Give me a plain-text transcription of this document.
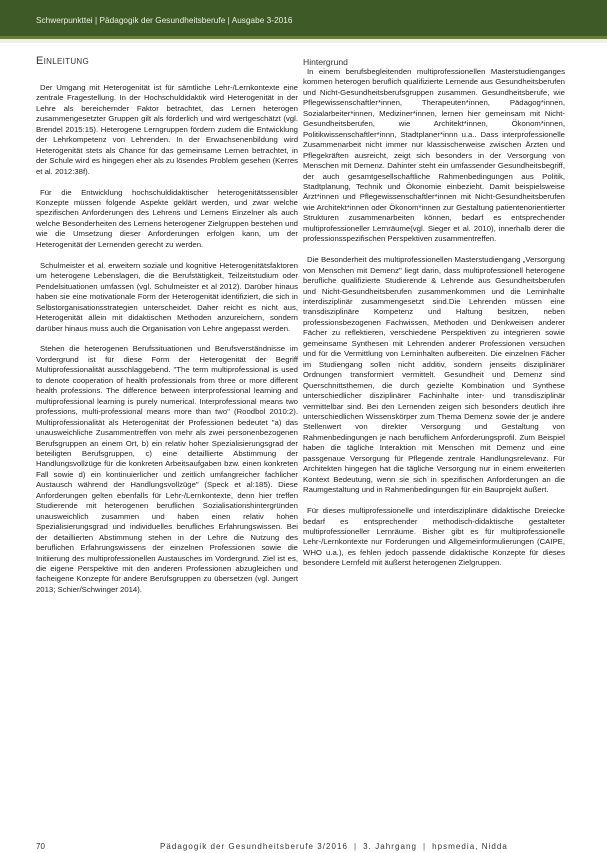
Schwerpunkttei | Pädagogik der Gesundheitsberufe | Ausgabe 3-2016
Einleitung

Der Umgang mit Heterogenität ist für sämtliche Lehr-/Lernkontexte eine zentrale Fragestellung. In der Hochschuldidaktik wird Heterogenität in der Lehre als bereichernder Faktor betrachtet, das Lernen heterogen zusammengesetzter Gruppen gilt als förderlich und wird wertgeschätzt (vgl. Brendel 2015:15). Heterogene Lerngruppen fördern zudem die Entwicklung der Lehrkompetenz von Lehrenden. In der Erwachsenenbildung wird Heterogenität stets als Chance für das gemeinsame Lernen betrachtet, in der Schule wird es hingegen eher als zu lösendes Problem gesehen (Kerres et al. 2012:38f).

Für die Entwicklung hochschuldidaktischer heterogenitätssensibler Konzepte müssen folgende Aspekte geklärt werden, und zwar welche spezifischen Anforderungen des Lehrens und Lernens Einzelner als auch welche Besonderheiten des Lernens heterogener Zielgruppen bestehen und wie die Umsetzung dieser Anforderungen erfolgen kann, um der Heterogenität der Lernenden gerecht zu werden.

Schulmeister et al. erweitern soziale und kognitive Heterogenitätsfaktoren um heterogene Lebenslagen, die die Berufstätigkeit, Teilzeitstudium oder Pendelsituationen umfassen (vgl. Schulmeister et al 2012). Darüber hinaus haben sie eine motivationale Form der Heterogenität identifiziert, die sich in Selbstorganisationsstrategien unterscheidet. Daher reicht es nicht aus, Heterogenität allein mit didaktischen Methoden anzureichern, sondern darüber hinaus muss auch die Organisation von Lehre angepasst werden.

Stehen die heterogenen Berufssituationen und Berufsverständnisse im Vordergrund ist für diese Form der Heterogenität der Begriff Multiprofessionalität ausschlaggebend. "The term multiprofessional is used to denote cooperation of health professionals from three or more different health professions. The difference between interprofessional learning and multiprofessional learning is purely numerical. Interprofessional means two professions, multi-professional means more than two" (Roodbol 2010:2). Multiprofessionalität als Heterogenität der Professionen bedeutet "a) das unausweichliche Zusammentreffen von mehr als zwei personenbezogenen Berufsgruppen an einem Ort, b) ein relativ hoher Spezialisierungsgrad der beteiligten Berufsgruppen, c) eine detaillierte Abstimmung der Handlungsvollzüge für die konkreten Arbeitsaufgaben bzw. einen konkreten Fall sowie d) ein kontinuierlicher und zeitlich umfangreicher fachlicher Austausch während der Handlungsvollzüge" (Speck et al:185). Diese Anforderungen gelten ebenfalls für Lehr-/Lernkontexte, denn hier treffen Studierende mit heterogenen beruflichen Sozialisationshintergründen unausweichlich zusammen und haben einen relativ hohen Spezialisierungsgrad und individuelles berufliches Erfahrungswissen. Bei der detaillierten Abstimmung stehen in der Lehre die Nutzung des beruflichen Erfahrungswissens der einzelnen Professionen sowie die Initiierung des multiprofessionellen Austausches im Vordergrund. Ziel ist es, die eigene Perspektive mit den anderen Professionen abzugleichen und facheigene Konzepte für andere Berufsgruppen zu übersetzen (vgl. Jungert 2013; Schier/Schwinger 2014).

Hintergrund

In einem berufsbegleitenden multiprofessionellen Masterstudienganges kommen heterogen beruflich qualifizierte Lernende aus Gesundheitsberufen und Nicht-Gesundheitsberufsgruppen zusammen. Gesundheitsberufe, wie Pflegewissenschaftler*innen, Therapeuten*innen, Pädagog*innen, Sozialarbeiter*innen, Mediziner*innen, lernen hier gemeinsam mit Nicht-Gesundheitsberufen, wie Architekt*innen, Ökonom*innen, Politikwissenschaftler*innn, Stadtplaner*innn u.a.. Dass interprofessionelle Zusammenarbeit nicht immer nur klassischerweise zwischen Ärzten und Pflegekräften ausreicht, zeigt sich besonders in der Versorgung von Menschen mit Demenz. Dahinter steht ein umfassender Gesundheitsbegriff, der auch gesamtgesellschaftliche Rahmenbedingungen aus Politik, Stadtplanung, Technik und Ökonomie einbezieht. Damit beispielsweise Ärzt*innen und Pflegewissenschaftler*innen mit Nicht-Gesundheitsberufen wie Architekt*innen oder Ökonom*innen zur Gestaltung patientenorientierter Strukturen zusammenarbeiten können, bedarf es entsprechender multiprofessioneller Lernräume(vgl. Sieger et al. 2010), innerhalb derer die professionsspezifischen Perspektiven zusammentreffen.

Die Besonderheit des multiprofessionellen Masterstudiengang „Versorgung von Menschen mit Demenz" liegt darin, dass multiprofessionell heterogene berufliche qualifizierte Studierende & Lehrende aus Gesundheitsberufen und Nicht-Gesundheitsberufen zusammenkommen und die Lerninhalte interdisziplinär zusammengesetzt sind.Die Lehrenden müssen eine transdisziplinäre Kompetenz und Haltung besitzen, neben professionsbezogenen Fachwissen, Methoden und Denkweisen anderer Fächer zu reflektieren, verschiedene Perspektiven zu integrieren sowie gemeinsame Synthesen mit Lehrenden anderer Professionen versuchen und für die Vermittlung von Lerninhalten aufbereiten. Die einzelnen Fächer im Studiengang sollen nicht additiv, sondern jenseits disziplinärer Ordnungen transformiert vermittelt. Gesundheit und Demenz sind Querschnittsthemen, die durch gezielte Kombination und Synthese unterschiedlicher disziplinärer Fachinhalte inter- und transdisziplinär vermittelbar sind. Bei den Lernenden zeigen sich besonders deutlich ihre unterschiedlichen Wissenskörper zum Thema Demenz sowie der je andere Stellenwert von direkter Versorgung und Gestaltung von Rahmenbedingungen je nach beruflichem Anforderungsprofil. Zum Beispiel haben die tägliche Interaktion mit Menschen mit Demenz und eine passgenaue Versorgung für Pflegende zentrale Handlungsrelevanz. Für Architekten hingegen hat die tägliche Versorgung nur in einem erweiterten Kontext Bedeutung, wenn sie sich in spezifischen Anforderungen an die Raumgestaltung und in Rahmenbedingungen für ein Bauprojekt äußert.

Für dieses multiprofessionelle und interdisziplinäre didaktische Dreiecke bedarf es entsprechender methodisch-didaktische gestalteter multiprofessioneller Lernräume. Bisher gibt es für multiprofessionelle Lehr-/Lernkontexte nur Forderungen und Allgemeinformulierungen (CAIPE, WHO u.a.), es fehlen jedoch passende didaktische Konzepte für dieses besondere Lernfeld mit äußerst heterogenen Zielgruppen.

70	Pädagogik der Gesundheitsberufe 3/2016 | 3. Jahrgang | hpsmedia, Nidda
